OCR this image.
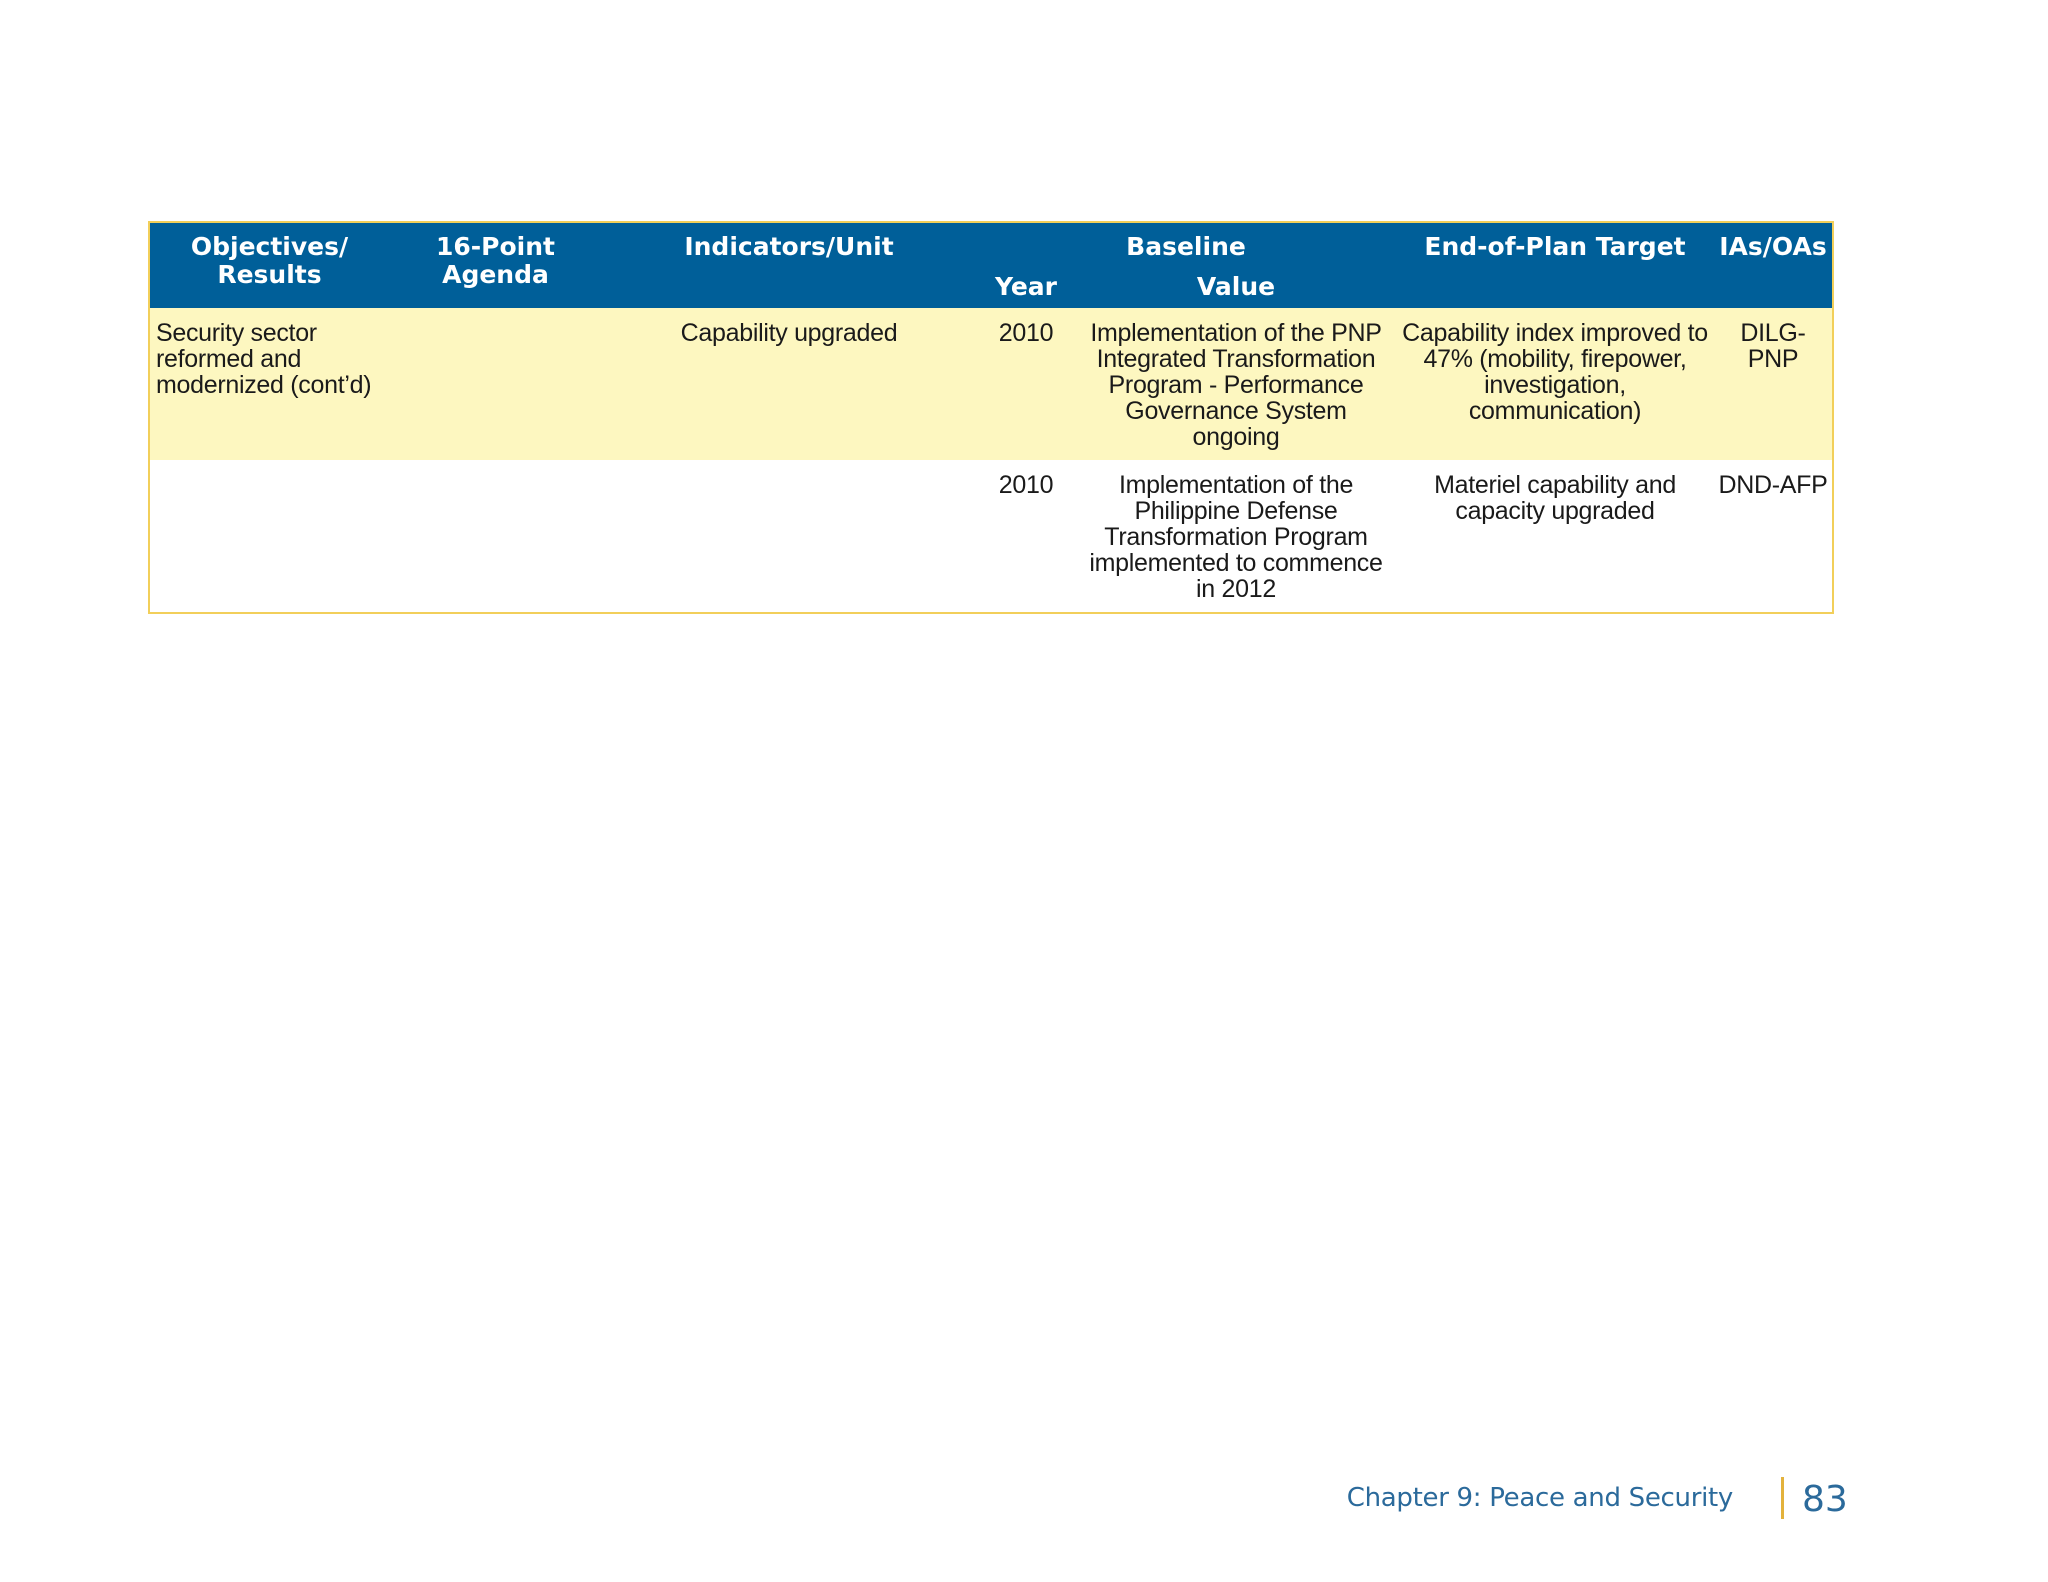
Objectives/ Results	16-Point Agenda	Indicators/Unit	Baseline		End-of-Plan Target	IAs/OAs
			Year	Value		
Security sector reformed and modernized (cont’d)		Capability upgraded	2010	Implementation of the PNP Integrated Transformation Program - Performance Governance System ongoing	Capability index improved to 47% (mobility, firepower, investigation, communication)	DILG-PNP
			2010	Implementation of the Philippine Defense Transformation Program implemented to commence in 2012	Materiel capability and capacity upgraded	DND-AFP
Chapter 9: Peace and Security 83
